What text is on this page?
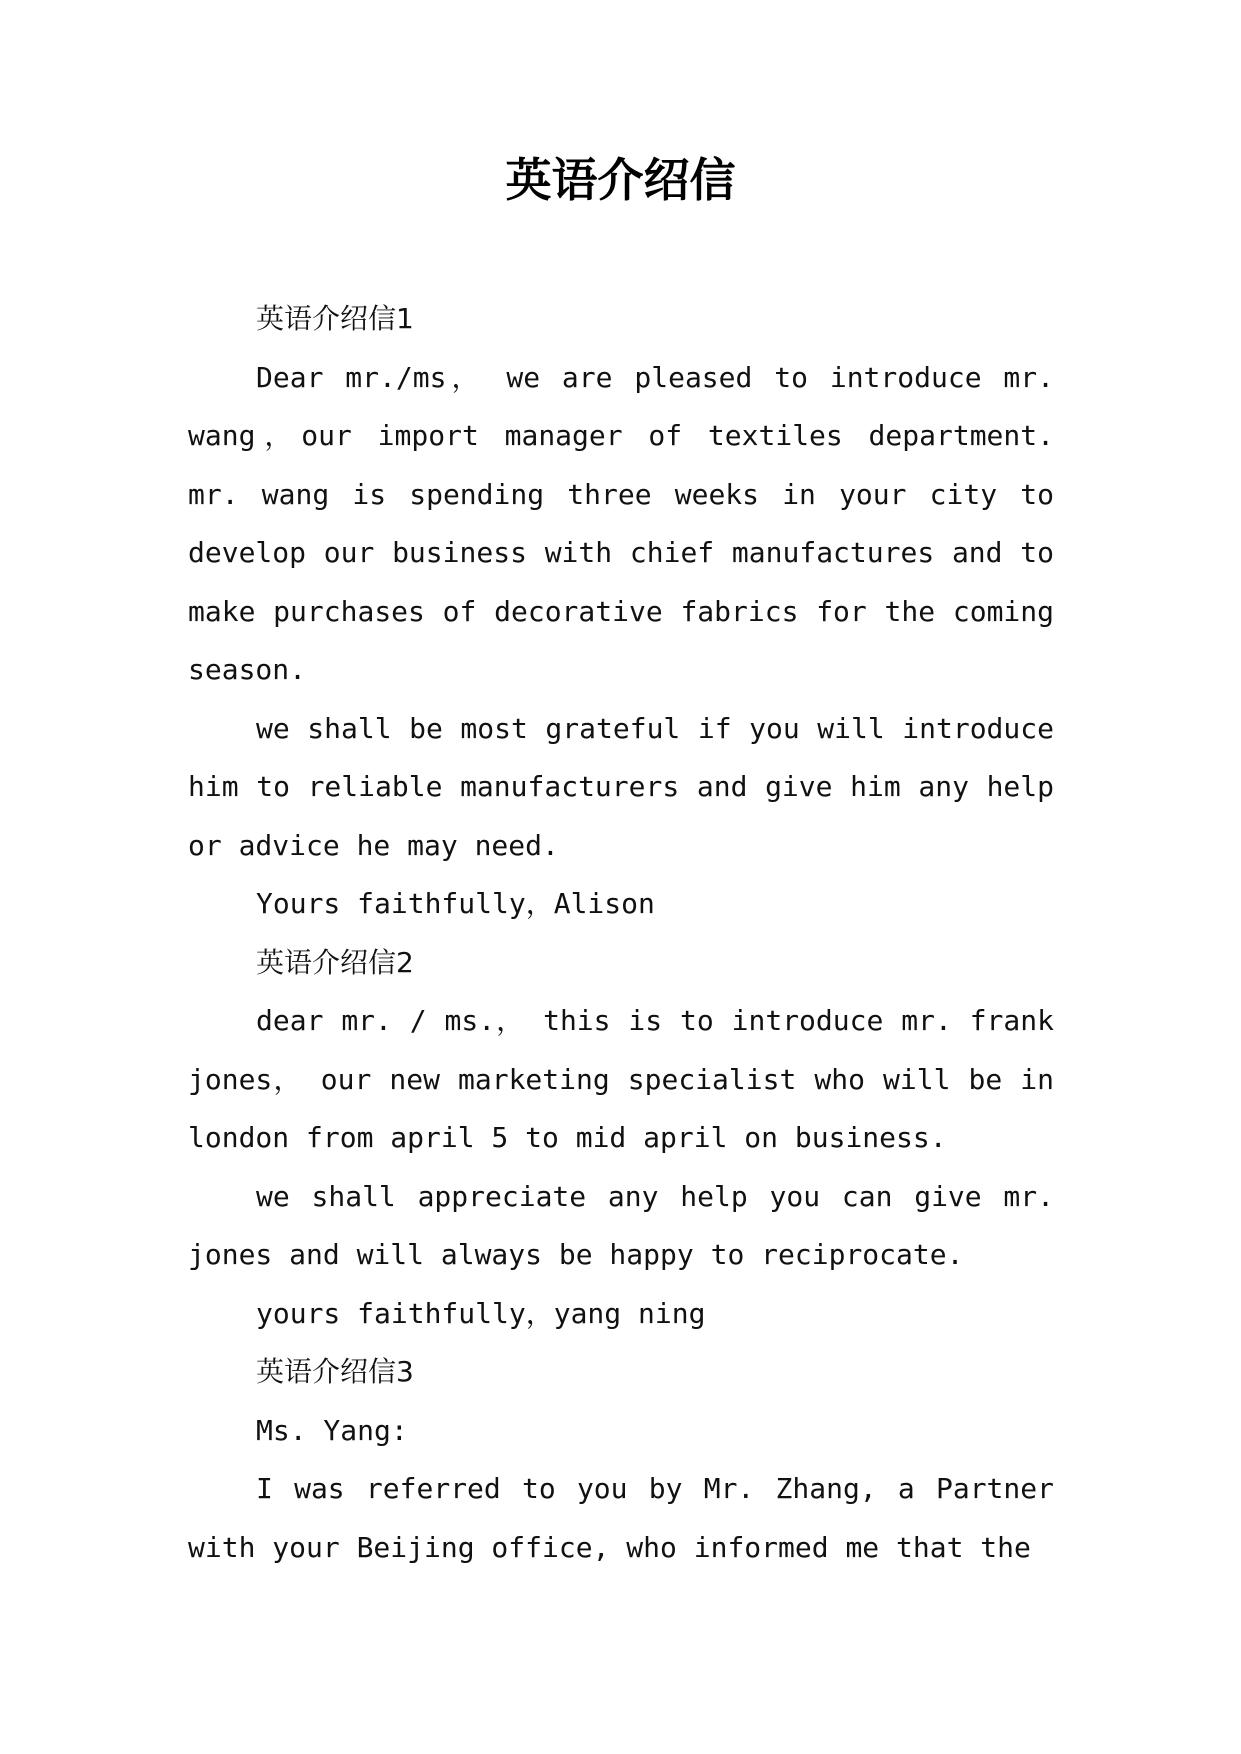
英语介绍信

英语介绍信1

Dear mr./ms， we are pleased to introduce mr. wang，our import manager of textiles department. mr. wang is spending three weeks in your city to develop our business with chief manufactures and to make purchases of decorative fabrics for the coming season.

we shall be most grateful if you will introduce him to reliable manufacturers and give him any help or advice he may need.

Yours faithfully，Alison

英语介绍信2

dear mr. / ms.， this is to introduce mr. frank jones， our new marketing specialist who will be in london from april 5 to mid april on business.

we shall appreciate any help you can give mr. jones and will always be happy to reciprocate.

yours faithfully，yang ning

英语介绍信3

Ms. Yang:

I was referred to you by Mr. Zhang, a Partner with your Beijing office, who informed me that the
